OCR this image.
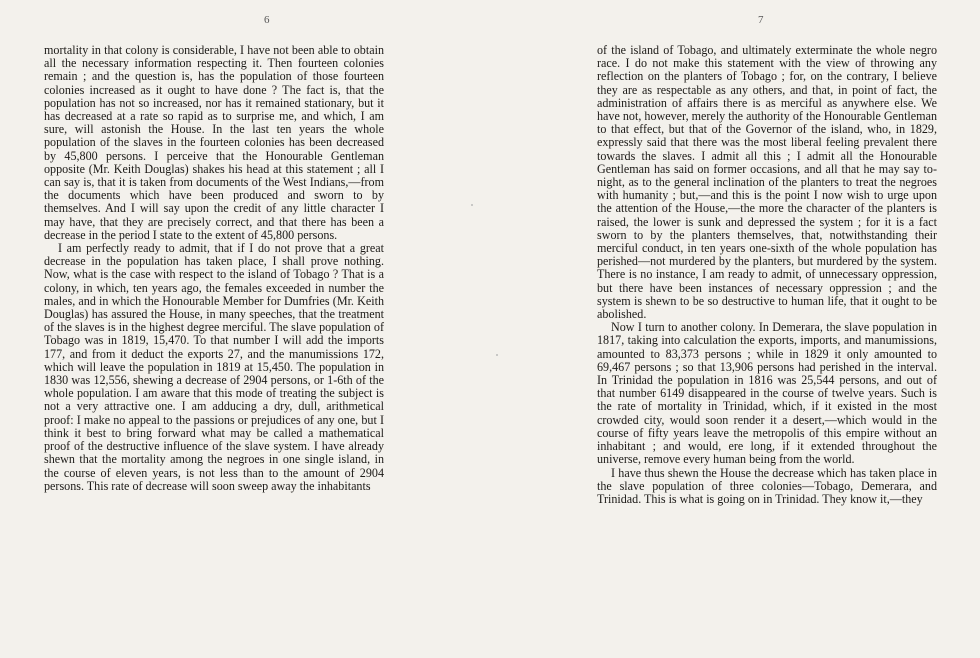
6

mortality in that colony is considerable, I have not been able to obtain all the necessary information respecting it. Then fourteen colonies remain ; and the question is, has the population of those fourteen colonies increased as it ought to have done ? The fact is, that the population has not so increased, nor has it remained stationary, but it has decreased at a rate so rapid as to surprise me, and which, I am sure, will astonish the House. In the last ten years the whole population of the slaves in the fourteen colonies has been decreased by 45,800 persons. I perceive that the Honourable Gentleman opposite (Mr. Keith Douglas) shakes his head at this statement ; all I can say is, that it is taken from documents of the West Indians,—from the documents which have been produced and sworn to by themselves. And I will say upon the credit of any little character I may have, that they are precisely correct, and that there has been a decrease in the period I state to the extent of 45,800 persons.

I am perfectly ready to admit, that if I do not prove that a great decrease in the population has taken place, I shall prove nothing. Now, what is the case with respect to the island of Tobago ? That is a colony, in which, ten years ago, the females exceeded in number the males, and in which the Honourable Member for Dumfries (Mr. Keith Douglas) has assured the House, in many speeches, that the treatment of the slaves is in the highest degree merciful. The slave population of Tobago was in 1819, 15,470. To that number I will add the imports 177, and from it deduct the exports 27, and the manumissions 172, which will leave the population in 1819 at 15,450. The population in 1830 was 12,556, shewing a decrease of 2904 persons, or 1-6th of the whole population. I am aware that this mode of treating the subject is not a very attractive one. I am adducing a dry, dull, arithmetical proof: I make no appeal to the passions or prejudices of any one, but I think it best to bring forward what may be called a mathematical proof of the destructive influence of the slave system. I have already shewn that the mortality among the negroes in one single island, in the course of eleven years, is not less than to the amount of 2904 persons. This rate of decrease will soon sweep away the inhabitants

7

of the island of Tobago, and ultimately exterminate the whole negro race. I do not make this statement with the view of throwing any reflection on the planters of Tobago ; for, on the contrary, I believe they are as respectable as any others, and that, in point of fact, the administration of affairs there is as merciful as anywhere else. We have not, however, merely the authority of the Honourable Gentleman to that effect, but that of the Governor of the island, who, in 1829, expressly said that there was the most liberal feeling prevalent there towards the slaves. I admit all this ; I admit all the Honourable Gentleman has said on former occasions, and all that he may say to-night, as to the general inclination of the planters to treat the negroes with humanity ; but,—and this is the point I now wish to urge upon the attention of the House,—the more the character of the planters is raised, the lower is sunk and depressed the system ; for it is a fact sworn to by the planters themselves, that, notwithstanding their merciful conduct, in ten years one-sixth of the whole population has perished—not murdered by the planters, but murdered by the system. There is no instance, I am ready to admit, of unnecessary oppression, but there have been instances of necessary oppression ; and the system is shewn to be so destructive to human life, that it ought to be abolished.

Now I turn to another colony. In Demerara, the slave population in 1817, taking into calculation the exports, imports, and manumissions, amounted to 83,373 persons ; while in 1829 it only amounted to 69,467 persons ; so that 13,906 persons had perished in the interval. In Trinidad the population in 1816 was 25,544 persons, and out of that number 6149 disappeared in the course of twelve years. Such is the rate of mortality in Trinidad, which, if it existed in the most crowded city, would soon render it a desert,—which would in the course of fifty years leave the metropolis of this empire without an inhabitant ; and would, ere long, if it extended throughout the universe, remove every human being from the world.

I have thus shewn the House the decrease which has taken place in the slave population of three colonies—Tobago, Demerara, and Trinidad. This is what is going on in Trinidad. They know it,—they
